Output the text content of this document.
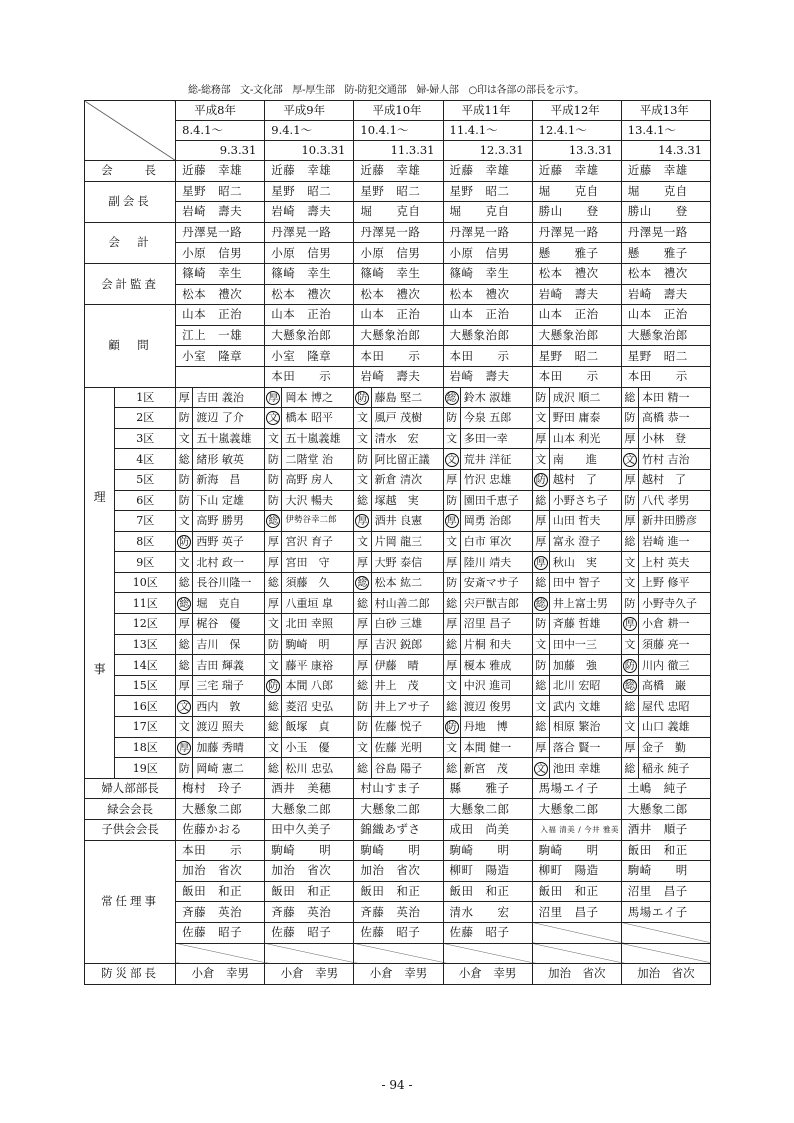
総-総務部　文-文化部　厚-厚生部　防-防犯交通部　婦-婦人部　○印は各部の部長を示す。
		平成8年		平成9年		平成10年		平成11年		平成12年		平成13年	
		8.4.1～		9.4.1～		10.4.1～		11.4.1～		12.4.1～		13.4.1～	
		9.3.31		10.3.31		11.3.31		12.3.31		13.3.31		14.3.31	
会　　長		近藤　幸雄		近藤　幸雄		近藤　幸雄		近藤　幸雄		近藤　幸雄		近藤　幸雄	
副会長		星野　昭二		星野　昭二		星野　昭二		星野　昭二		堀　　克自		堀　　克自	
		岩崎　壽夫		岩崎　壽夫		堀　　克自		堀　　克自		勝山　　登		勝山　　登	
会　計		丹澤晃一路		丹澤晃一路		丹澤晃一路		丹澤晃一路		丹澤晃一路		丹澤晃一路	
		小原　信男		小原　信男		小原　信男		小原　信男		懸　　雅子		懸　　雅子	
会計監査		篠崎　幸生		篠崎　幸生		篠崎　幸生		篠崎　幸生		松本　禮次		松本　禮次	
		松本　禮次		松本　禮次		松本　禮次		松本　禮次		岩崎　壽夫		岩崎　壽夫	
顧　問		山本　正治		山本　正治		山本　正治		山本　正治		山本　正治		山本　正治	
		江上　一雄		大懸象治郎		大懸象治郎		大懸象治郎		大懸象治郎		大懸象治郎	
		小室　隆章		小室　隆章		本田　　示		本田　　示		星野　昭二		星野　昭二	
				本田　　示		岩崎　壽夫		岩崎　壽夫		本田　　示		本田　　示	

理
事	1区	厚	吉田 義治	厚	岡本 博之	防	藤島 堅二	総	鈴木 淑雄	防	成沢 順二	総	本田 精一
	2区	防	渡辺 了介	文	橋本 昭平	文	風戸 茂樹	防	今泉 五郎	文	野田 庸泰	防	高橋 恭一
	3区	文	五十嵐義雄	文	五十嵐義雄	文	清水　宏	文	多田一幸	厚	山本 利光	厚	小林　登
	4区	総	緒形 敏英	防	二階堂 治	防	阿比留正議	文	荒井 洋征	文	南　　進	文	竹村 吉治
	5区	防	新海　昌	防	高野 房人	文	新倉 清次	厚	竹沢 忠雄	防	越村　了	厚	越村　了
	6区	防	下山 定雄	防	大沢 暢夫	総	塚越　実	防	園田千恵子	総	小野さち子	防	八代 孝男
	7区	文	高野 勝男	総	伊勢谷幸二郎	厚	酒井 良憲	厚	岡勇 治郎	厚	山田 哲夫	厚	新井田勝彦
	8区	防	西野 英子	厚	宮沢 育子	文	片岡 龍三	文	白市 軍次	厚	富永 澄子	総	岩崎 進一
	9区	文	北村 政一	厚	宮田　守	厚	大野 泰信	厚	陸川 靖夫	厚	秋山　実	文	上村 英夫
	10区	総	長谷川隆一	総	須藤　久	総	松本 紘二	防	安斎マサ子	総	田中 智子	文	上野 修平
	11区	総	堀　克自	厚	八重垣 皐	総	村山善二郎	総	宍戸獣吉郎	総	井上富士男	防	小野寺久子
	12区	厚	梶谷　優	文	北田 幸照	厚	白砂 三雄	厚	沼里 昌子	防	斉藤 哲雄	厚	小倉 耕一
	13区	総	吉川　保	防	駒崎　明	厚	吉沢 鋭郎	総	片桐 和夫	文	田中一三	文	須藤 亮一
	14区	総	吉田 輝義	文	藤平 康裕	厚	伊藤　晴	厚	榎本 雅成	防	加藤　強	防	川内 徹三
	15区	厚	三宅 瑞子	防	本間 八郎	総	井上　茂	文	中沢 進司	総	北川 宏昭	総	高橋　巌
	16区	文	西内　敦	総	菱沼 史弘	防	井上アサ子	総	渡辺 俊男	文	武内 文雄	総	屋代 忠昭
	17区	文	渡辺 照夫	総	飯塚　貞	防	佐藤 悦子	防	丹地　博	総	相原 繁治	文	山口 義雄
	18区	厚	加藤 秀晴	文	小玉　優	文	佐藤 光明	文	本間 健一	厚	落合 賢一	厚	金子　勤
	19区	防	岡崎 憲二	総	松川 忠弘	総	谷島 陽子	総	新宮　茂	文	池田 幸雄	総	稲永 純子
婦人部部長		梅村　玲子		酒井　美穂		村山すま子		縣　　雅子		馬場エイ子		土嶋　純子	
緑会会長		大懸象二郎		大懸象二郎		大懸象二郎		大懸象二郎		大懸象二郎		大懸象二郎	
子供会会長		佐藤かおる		田中久美子		錦織あずさ		成田　尚美		入福 清美 / 今井 雅美		酒井　順子	
常任理事		本田　　示		駒崎　　明		駒崎　　明		駒崎　　明		駒崎　　明		飯田　和正	
		加治　省次		加治　省次		加治　省次		柳町　陽造		柳町　陽造		駒崎　　明	
		飯田　和正		飯田　和正		飯田　和正		飯田　和正		飯田　和正		沼里　昌子	
		斉藤　英治		斉藤　英治		斉藤　英治		清水　　宏		沼里　昌子		馬場エイ子	
		佐藤　昭子		佐藤　昭子		佐藤　昭子		佐藤　昭子					

防災部長		小倉　幸男		小倉　幸男		小倉　幸男		小倉　幸男		加治　省次		加治　省次	
- 94 -
